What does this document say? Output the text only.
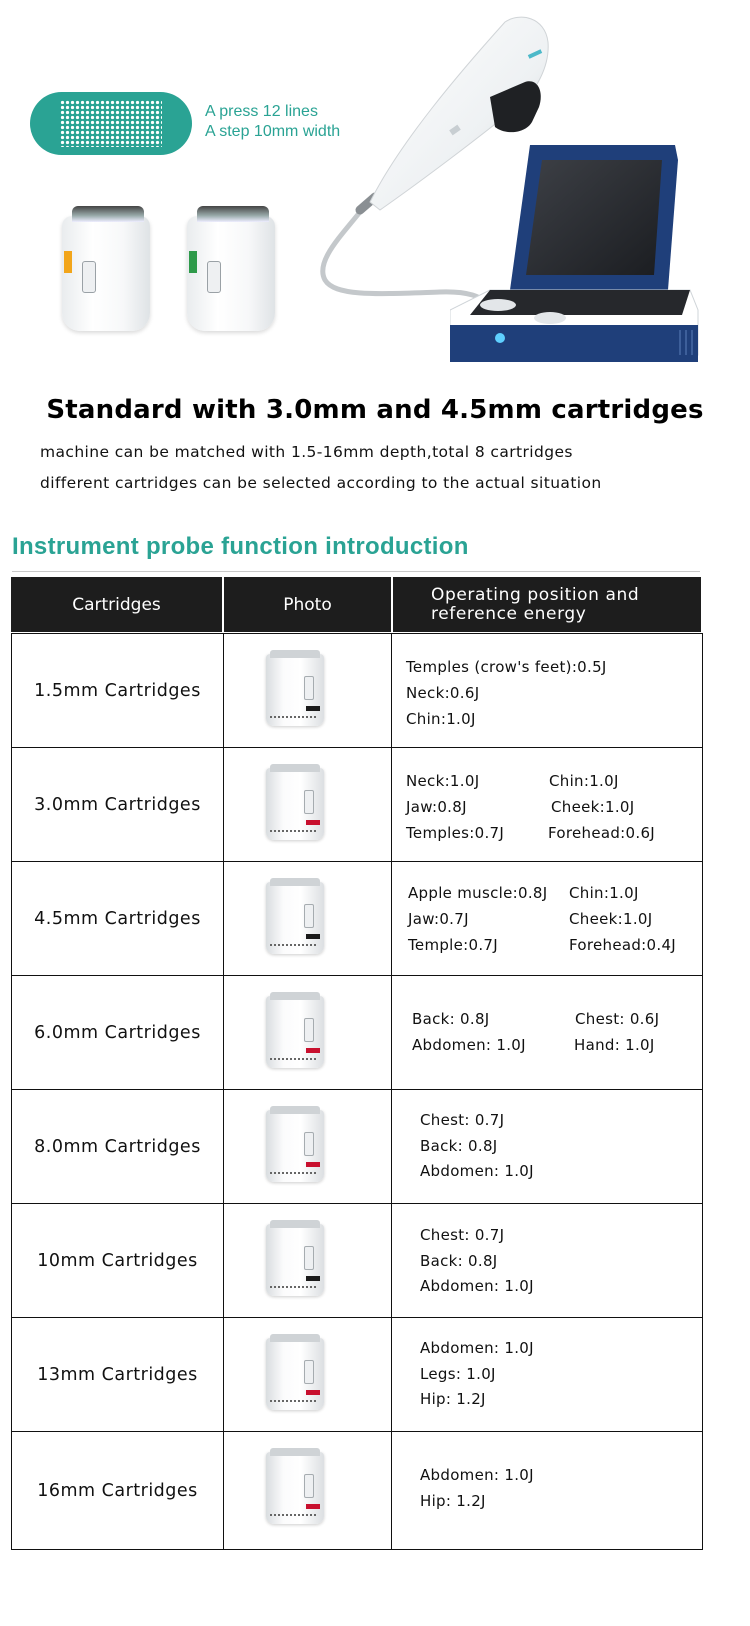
A press 12 lines
A step 10mm width
Standard with 3.0mm and 4.5mm cartridges
machine can be matched with 1.5-16mm depth,total 8 cartridges
different cartridges can be selected according to the actual situation
Instrument probe function introduction
Cartridges	Photo	Operating position and
reference energy
1.5mm Cartridges
Temples (crow's feet):0.5J
Neck:0.6J
Chin:1.0J
3.0mm Cartridges
Neck:1.0J
Jaw:0.8J
Temples:0.7J
Chin:1.0J
Cheek:1.0J
Forehead:0.6J
4.5mm Cartridges
Apple muscle:0.8J
Jaw:0.7J
Temple:0.7J
Chin:1.0J
Cheek:1.0J
Forehead:0.4J
6.0mm Cartridges
Back: 0.8J
Abdomen: 1.0J
Chest: 0.6J
Hand: 1.0J
8.0mm Cartridges
Chest: 0.7J
Back: 0.8J
Abdomen: 1.0J
10mm Cartridges
Chest: 0.7J
Back: 0.8J
Abdomen: 1.0J
13mm Cartridges
Abdomen: 1.0J
Legs: 1.0J
Hip: 1.2J
16mm Cartridges
Abdomen: 1.0J
Hip: 1.2J
